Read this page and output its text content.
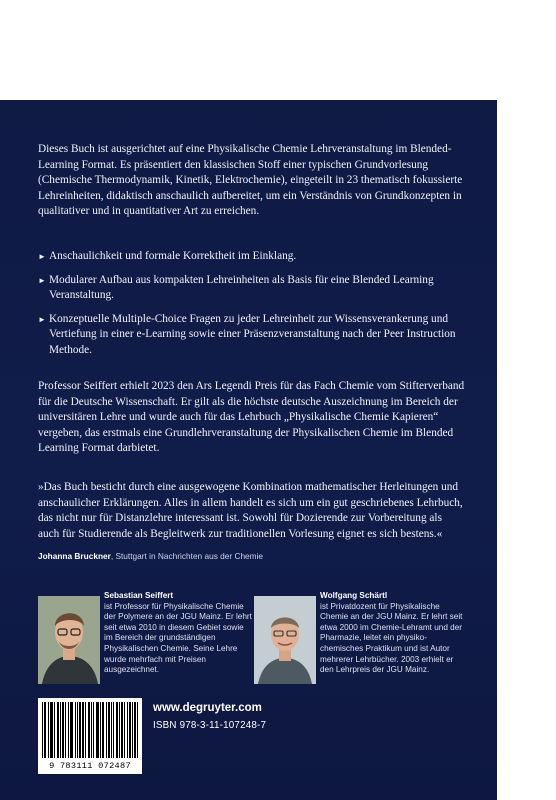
Dieses Buch ist ausgerichtet auf eine Physikalische Chemie Lehrveranstaltung im Blended-Learning Format. Es präsentiert den klassischen Stoff einer typischen Grundvorlesung (Chemische Thermodynamik, Kinetik, Elektrochemie), eingeteilt in 23 thematisch fokussierte Lehreinheiten, didaktisch anschaulich aufbereitet, um ein Verständnis von Grundkonzepten in qualitativer und in quantitativer Art zu erreichen.

► Anschaulichkeit und formale Korrektheit im Einklang.
► Modularer Aufbau aus kompakten Lehreinheiten als Basis für eine Blended Learning Veranstaltung.
► Konzeptuelle Multiple-Choice Fragen zu jeder Lehreinheit zur Wissensverankerung und Vertiefung in einer e-Learning sowie einer Präsenzveranstaltung nach der Peer Instruction Methode.

Professor Seiffert erhielt 2023 den Ars Legendi Preis für das Fach Chemie vom Stifterverband für die Deutsche Wissenschaft. Er gilt als die höchste deutsche Auszeichnung im Bereich der universitären Lehre und wurde auch für das Lehrbuch „Physikalische Chemie Kapieren“ vergeben, das erstmals eine Grundlehrveranstaltung der Physikalischen Chemie im Blended Learning Format darbietet.

»Das Buch besticht durch eine ausgewogene Kombination mathematischer Herleitungen und anschaulicher Erklärungen. Alles in allem handelt es sich um ein gut geschriebenes Lehrbuch, das nicht nur für Distanzlehre interessant ist. Sowohl für Dozierende zur Vorbereitung als auch für Studierende als Begleitwerk zur traditionellen Vorlesung eignet es sich bestens.«

Johanna Bruckner, Stuttgart in Nachrichten aus der Chemie
Sebastian Seiffert
ist Professor für Physikalische Chemie der Polymere an der JGU Mainz. Er lehrt seit etwa 2010 in diesem Gebiet sowie im Bereich der grundständigen Physikalischen Chemie. Seine Lehre wurde mehrfach mit Preisen ausgezeichnet.
Wolfgang Schärtl
ist Privatdozent für Physikalische Chemie an der JGU Mainz. Er lehrt seit etwa 2000 im Chemie-Lehramt und der Pharmazie, leitet ein physiko-chemisches Praktikum und ist Autor mehrerer Lehrbücher. 2003 erhielt er den Lehrpreis der JGU Mainz.
9 783111 072487
www.degruyter.com
ISBN 978-3-11-107248-7
